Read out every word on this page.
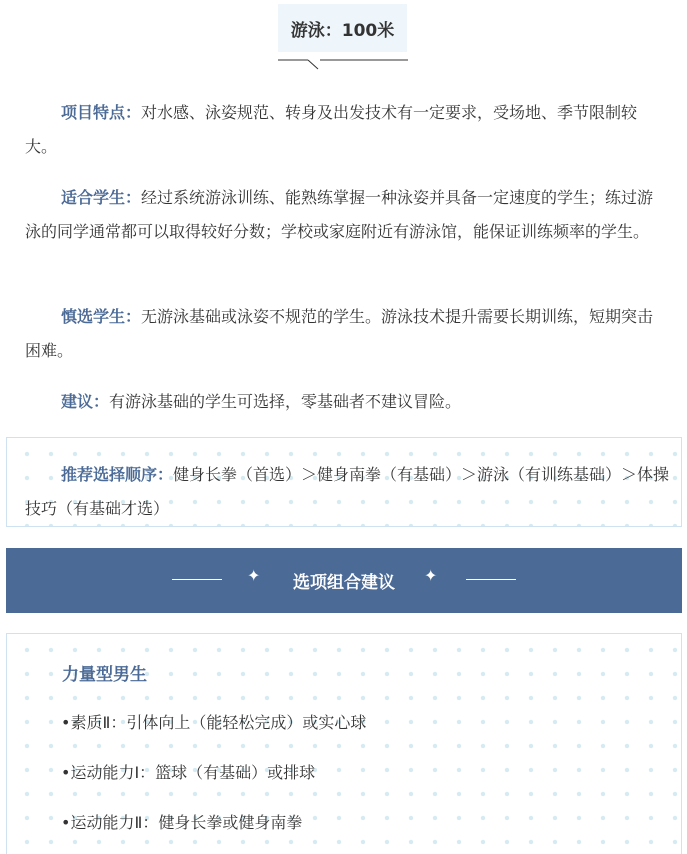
游泳：100米

项目特点：对水感、泳姿规范、转身及出发技术有一定要求，受场地、季节限制较大。

适合学生：经过系统游泳训练、能熟练掌握一种泳姿并具备一定速度的学生；练过游泳的同学通常都可以取得较好分数；学校或家庭附近有游泳馆，能保证训练频率的学生。

慎选学生：无游泳基础或泳姿不规范的学生。游泳技术提升需要长期训练，短期突击困难。

建议：有游泳基础的学生可选择，零基础者不建议冒险。

推荐选择顺序：健身长拳（首选）＞健身南拳（有基础）＞游泳（有训练基础）＞体操技巧（有基础才选）

✦ 选项组合建议 ✦
力量型男生
•素质Ⅱ：引体向上（能轻松完成）或实心球
•运动能力Ⅰ：篮球（有基础）或排球
•运动能力Ⅱ：健身长拳或健身南拳
